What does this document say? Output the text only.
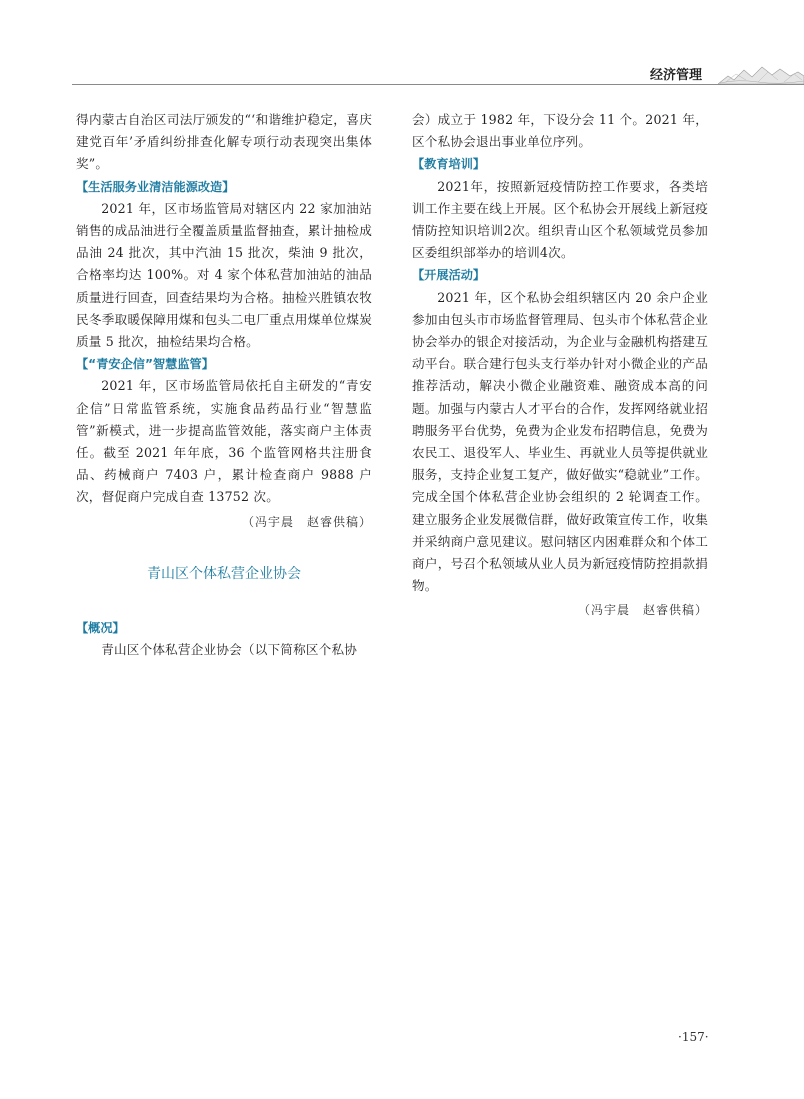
经济管理

得内蒙古自治区司法厅颁发的“‘和谐维护稳定，喜庆建党百年’矛盾纠纷排查化解专项行动表现突出集体奖”。

【生活服务业清洁能源改造】

2021 年，区市场监管局对辖区内 22 家加油站销售的成品油进行全覆盖质量监督抽查，累计抽检成品油 24 批次，其中汽油 15 批次，柴油 9 批次，合格率均达 100%。对 4 家个体私营加油站的油品质量进行回查，回查结果均为合格。抽检兴胜镇农牧民冬季取暖保障用煤和包头二电厂重点用煤单位煤炭质量 5 批次，抽检结果均合格。

【“青安企信”智慧监管】

2021 年，区市场监管局依托自主研发的“青安企信”日常监管系统，实施食品药品行业“智慧监管”新模式，进一步提高监管效能，落实商户主体责任。截至 2021 年年底，36 个监管网格共注册食品、药械商户 7403 户，累计检查商户 9888 户次，督促商户完成自查 13752 次。

（冯宇晨　赵睿供稿）

青山区个体私营企业协会

【概况】

青山区个体私营企业协会（以下简称区个私协

会）成立于 1982 年，下设分会 11 个。2021 年，区个私协会退出事业单位序列。

【教育培训】

2021年，按照新冠疫情防控工作要求，各类培训工作主要在线上开展。区个私协会开展线上新冠疫情防控知识培训2次。组织青山区个私领域党员参加区委组织部举办的培训4次。

【开展活动】

2021 年，区个私协会组织辖区内 20 余户企业参加由包头市市场监督管理局、包头市个体私营企业协会举办的银企对接活动，为企业与金融机构搭建互动平台。联合建行包头支行举办针对小微企业的产品推荐活动，解决小微企业融资难、融资成本高的问题。加强与内蒙古人才平台的合作，发挥网络就业招聘服务平台优势，免费为企业发布招聘信息，免费为农民工、退役军人、毕业生、再就业人员等提供就业服务，支持企业复工复产，做好做实“稳就业”工作。完成全国个体私营企业协会组织的 2 轮调查工作。建立服务企业发展微信群，做好政策宣传工作，收集并采纳商户意见建议。慰问辖区内困难群众和个体工商户，号召个私领域从业人员为新冠疫情防控捐款捐物。

（冯宇晨　赵睿供稿）

·157·
